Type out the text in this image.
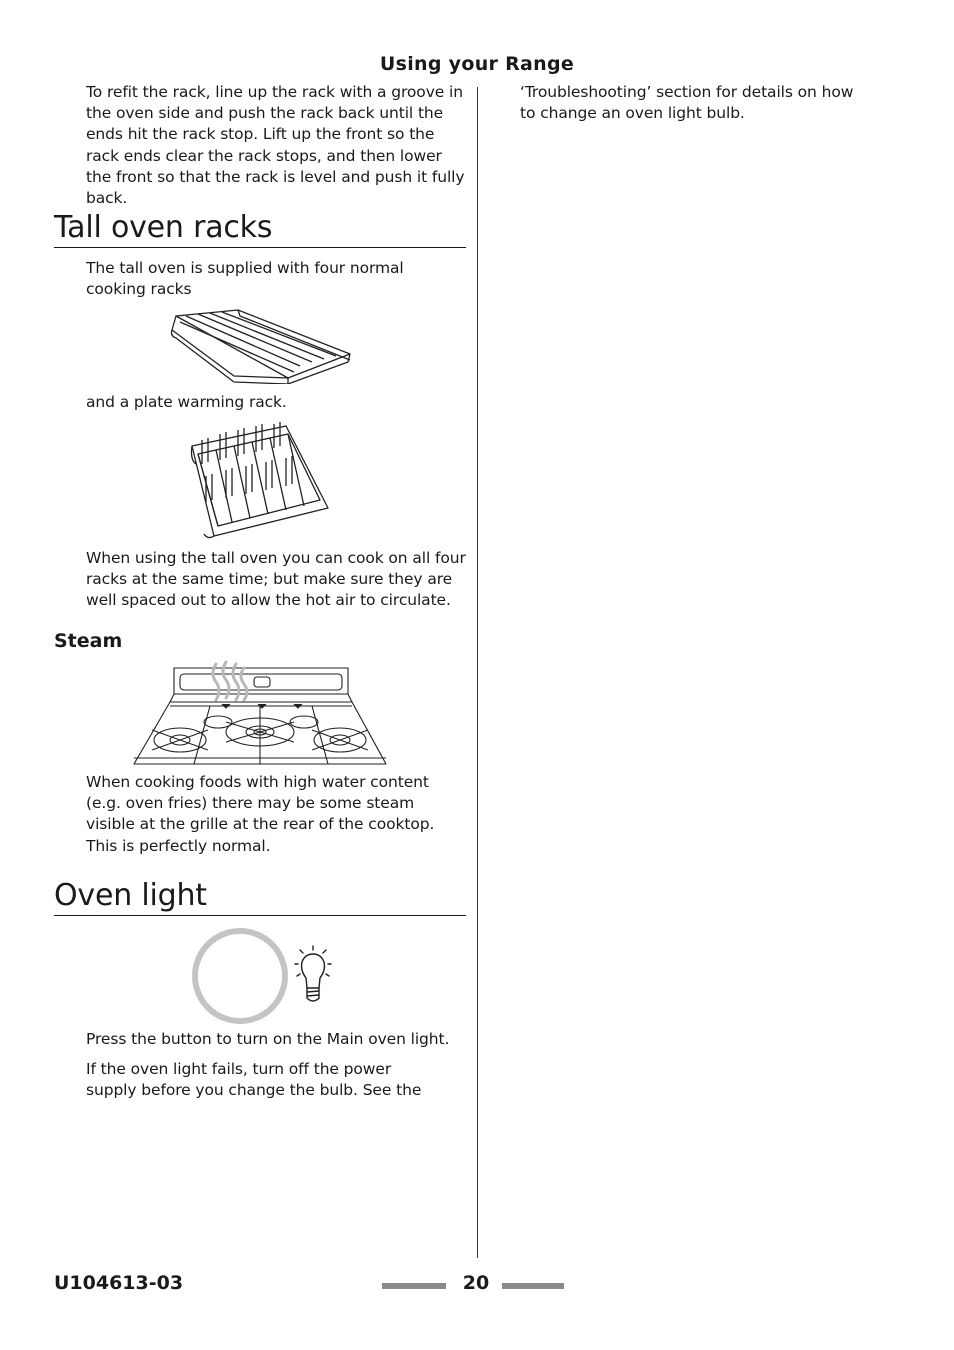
Using your Range

To refit the rack, line up the rack with a groove in the oven side and push the rack back until the ends hit the rack stop. Lift up the front so the rack ends clear the rack stops, and then lower the front so that the rack is level and push it fully back.

Tall oven racks

The tall oven is supplied with four normal cooking racks

and a plate warming rack.

When using the tall oven you can cook on all four racks at the same time; but make sure they are well spaced out to allow the hot air to circulate.

Steam

When cooking foods with high water content (e.g. oven fries) there may be some steam visible at the grille at the rear of the cooktop. This is perfectly normal.

Oven light

Press the button to turn on the Main oven light.

If the oven light fails, turn off the power supply before you change the bulb. See the

‘Troubleshooting’ section for details on how to change an oven light bulb.

U104613-03	20
